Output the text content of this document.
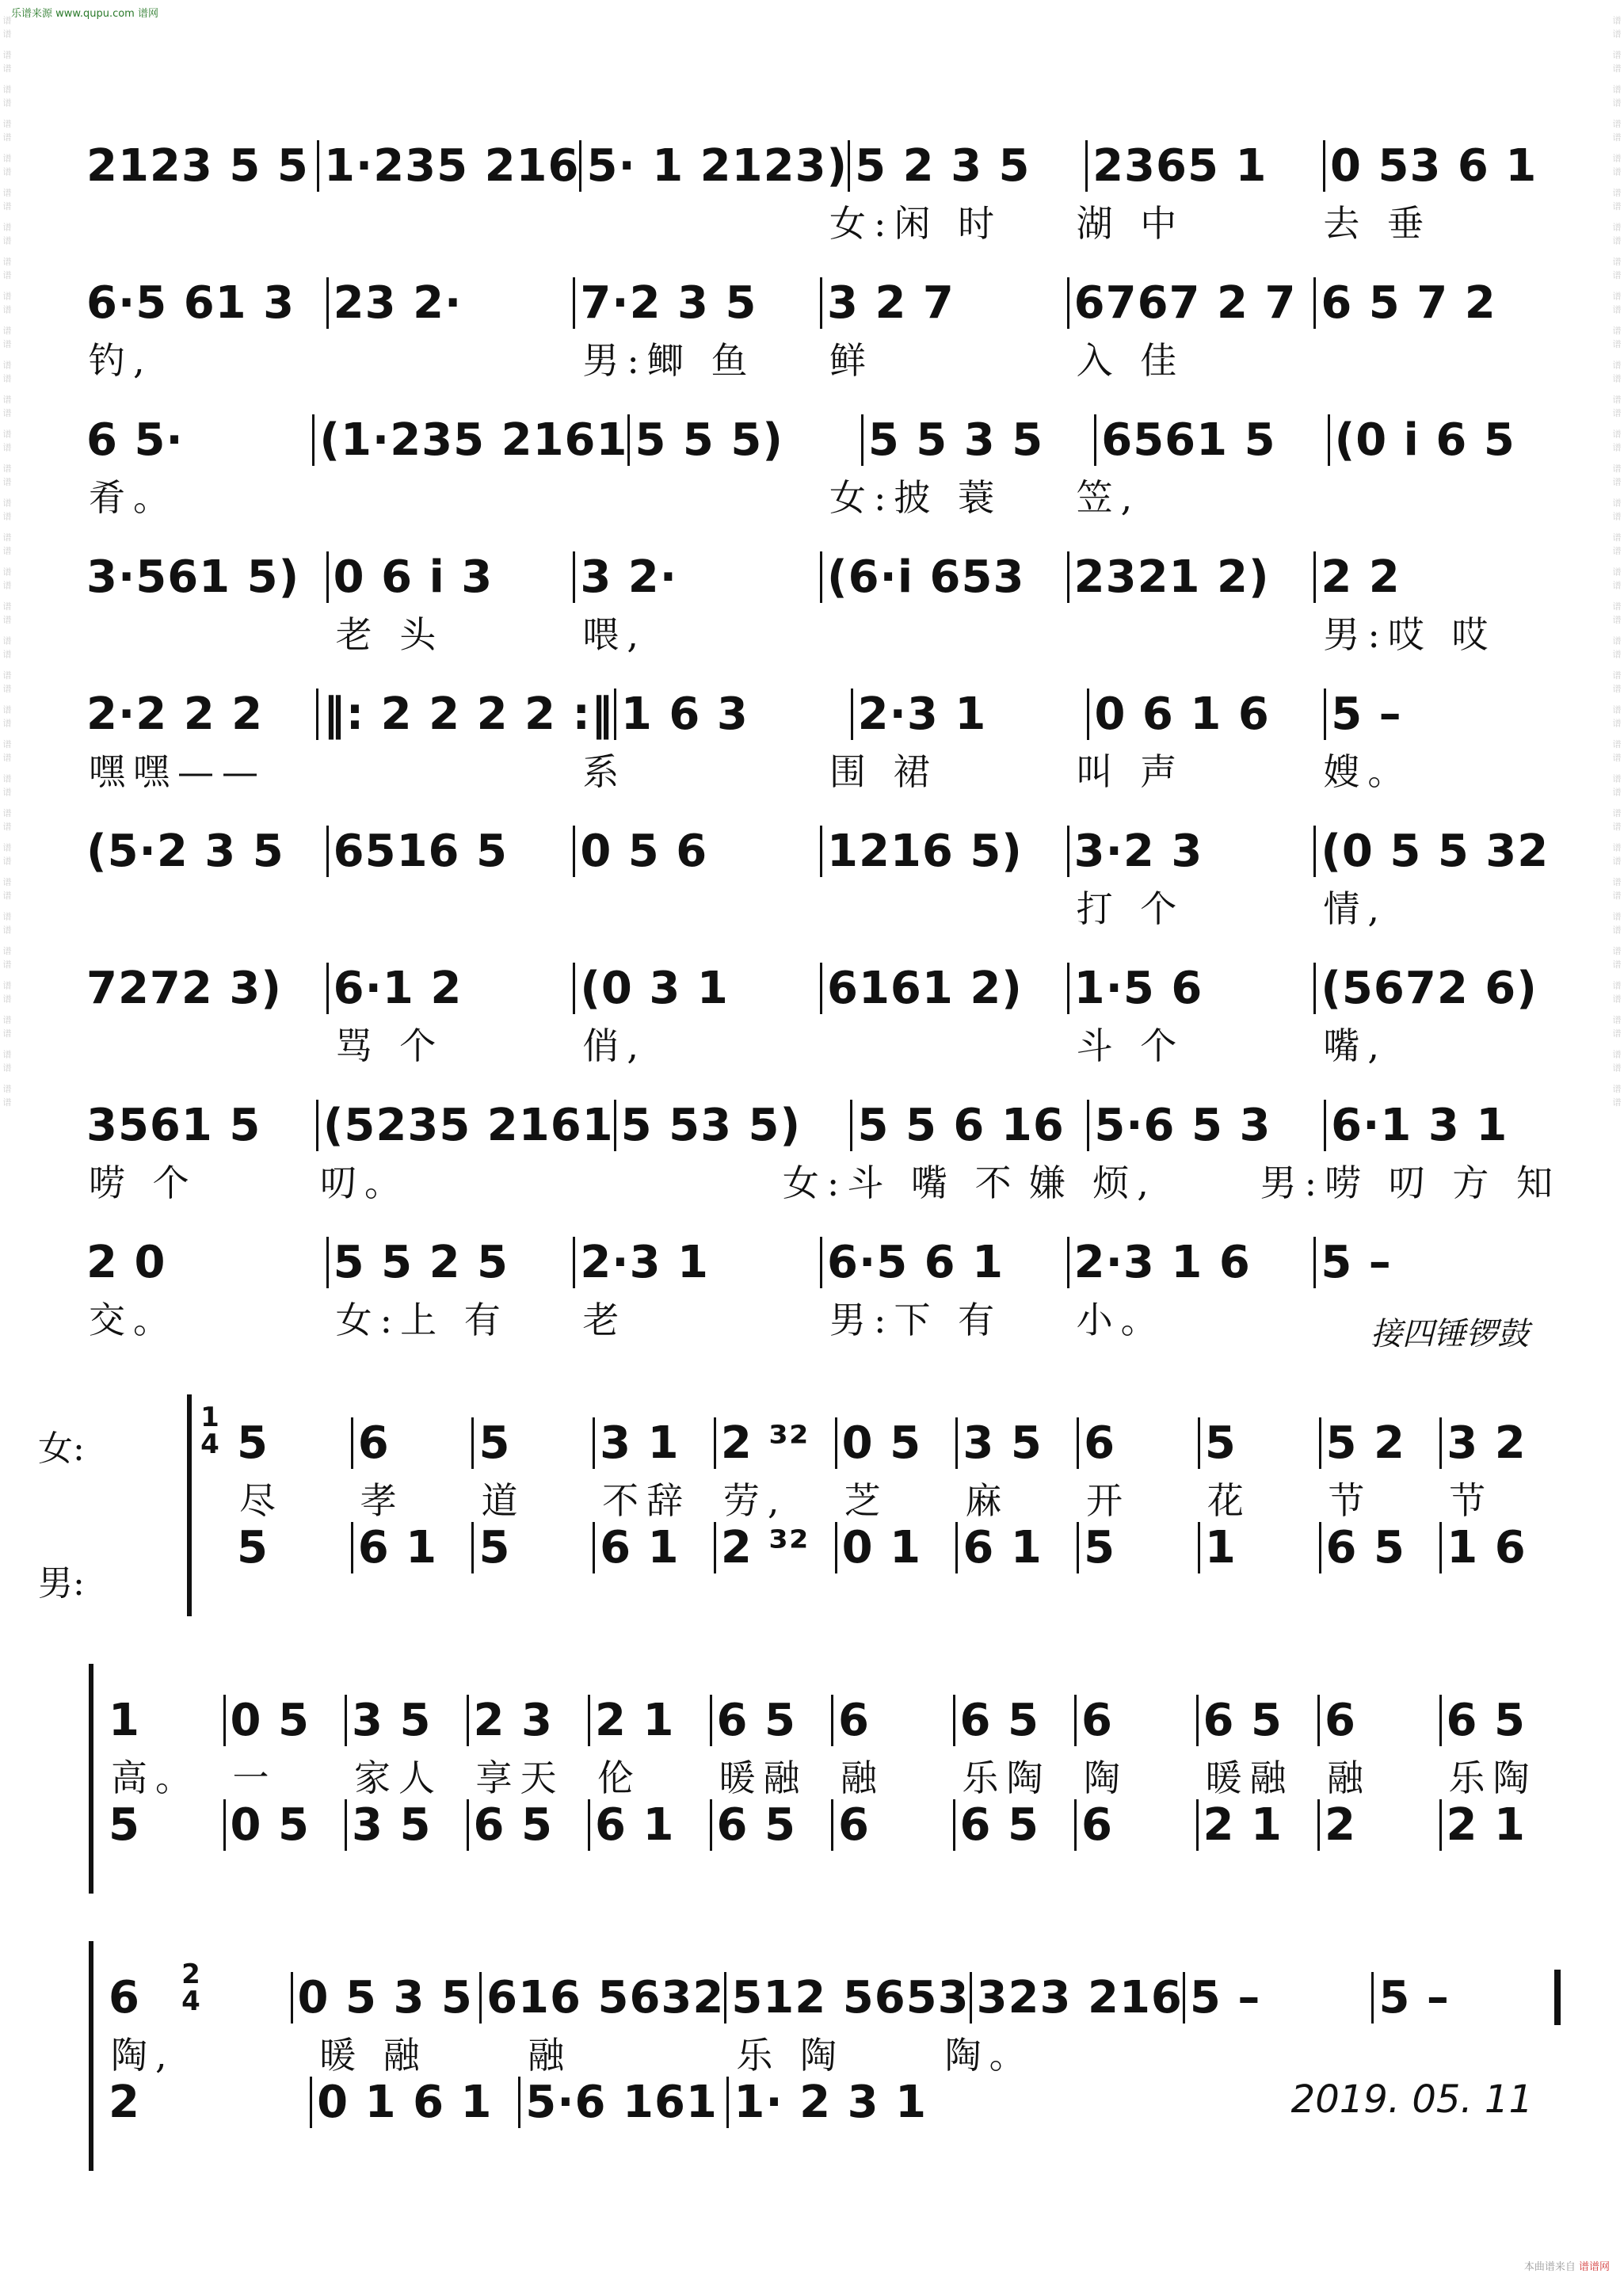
乐谱来源 www.qupu.com 谱网
谱谱 谱谱 谱谱 谱谱 谱谱 谱谱 谱谱 谱谱 谱谱 谱谱 谱谱 谱谱 谱谱 谱谱 谱谱 谱谱 谱谱 谱谱 谱谱 谱谱 谱谱 谱谱 谱谱 谱谱 谱谱 谱谱 谱谱 谱谱 谱谱 谱谱 谱谱 谱谱	谱谱 谱谱 谱谱 谱谱 谱谱 谱谱 谱谱 谱谱 谱谱 谱谱 谱谱 谱谱 谱谱 谱谱 谱谱 谱谱 谱谱 谱谱 谱谱 谱谱 谱谱 谱谱 谱谱 谱谱 谱谱 谱谱 谱谱 谱谱 谱谱 谱谱 谱谱 谱谱
2123 5 5 1·235 216 5· 1 2123) 5 2 3 5	2365 1	0 53 6 1
女:闲 时	湖 中	去 垂
6·5 61 3 23 2·	7·2 3 5	3 2 7	6767 2 7 6 5 7 2
钓,	男:鲫 鱼	鲜	入 佳
6 5·	(1·235 2161 5 5 5)	5 5 3 5	6561 5	(0 i 6 5
肴。	女:披 蓑	笠,
3·561 5) 0 6 i 3	3 2·	(6·i 653	2321 2)	2 2
老 头	喂,	男:哎 哎
2·2 2 2	‖: 2 2 2 2 :‖ 1 6 3	2·3 1	0 6 1 6	5 –
嘿嘿——	系	围 裙	叫 声	嫂。
(5·2 3 5	6516 5	0 5 6	1216 5)	3·2 3	(0 5 5 32
打 个	情,
7272 3)	6·1 2	(0 3 1	6161 2)	1·5 6	(5672 6)
骂 个	俏,	斗 个	嘴,
3561 5	(5235 2161 5 53 5)	5 5 6 16 5·6 5 3	6·1 3 1
唠 个	叨。	女:斗 嘴 不 嫌 烦,	男:唠 叨 方 知
2 0	5 5 2 5	2·3 1	6·5 6 1	2·3 1 6	5 –
交。	女:上 有	老	男:下 有	小。	接四锤锣鼓
女:
男:
1
4 5	6	5	3 1 2 ³² 0 5 3 5 6	5	5 2 3 2
尽	孝	道	不辞 劳,	芝	麻	开	花	节	节
5	6 1 5	6 1 2 ³² 0 1 6 1 5	1	6 5 1 6
1	0 5 3 5 2 3 2 1 6 5 6	6 5 6	6 5 6	6 5
高。 一	家人 享天 伦	暖融 融	乐陶 陶	暖融 融	乐陶
5	0 5 3 5 6 5 6 1 6 5 6	6 5 6	2 1 2	2 1
2
4
6	0 5 3 5 616 5632 512 5653 323 216 5 –	5 –
陶,	暖 融	融	乐 陶	陶。
2	0 1 6 1 5·6 161 1· 2 3 1	2019. 05. 11
本曲谱来自 谱谱网
